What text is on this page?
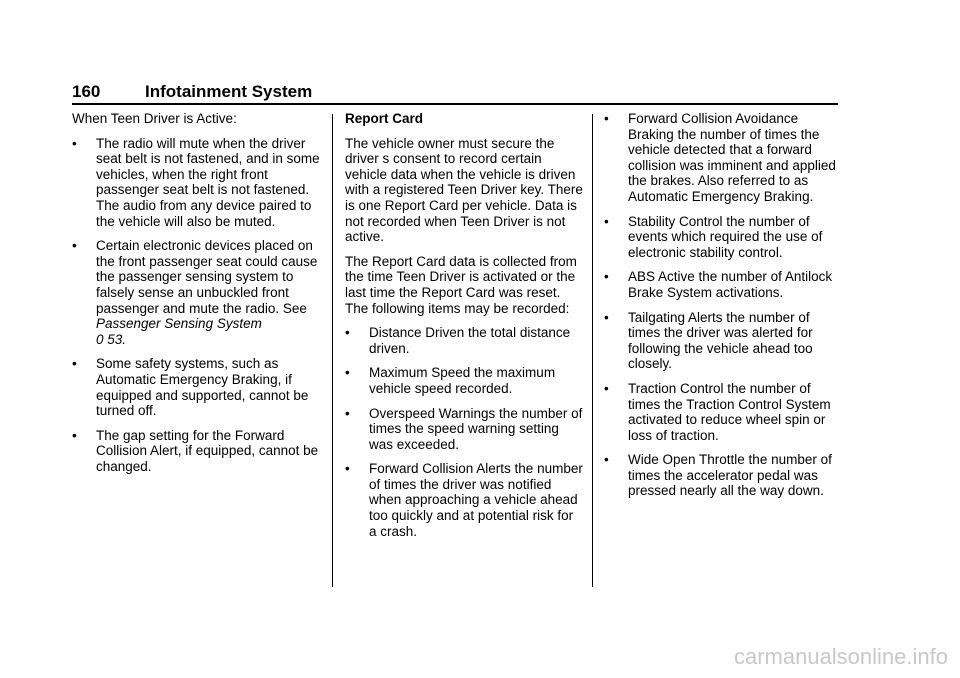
160	Infotainment System

When Teen Driver is Active:

• The radio will mute when the driver seat belt is not fastened, and in some vehicles, when the right front passenger seat belt is not fastened. The audio from any device paired to the vehicle will also be muted.
• Certain electronic devices placed on the front passenger seat could cause the passenger sensing system to falsely sense an unbuckled front passenger and mute the radio. See
Passenger Sensing System
0 53.
• Some safety systems, such as Automatic Emergency Braking, if equipped and supported, cannot be turned off.
• The gap setting for the Forward Collision Alert, if equipped, cannot be changed.

Report Card

The vehicle owner must secure the driver s consent to record certain vehicle data when the vehicle is driven with a registered Teen Driver key. There is one Report Card per vehicle. Data is not recorded when Teen Driver is not active.

The Report Card data is collected from the time Teen Driver is activated or the last time the Report Card was reset. The following items may be recorded:

• Distance Driven the total distance driven.
• Maximum Speed the maximum vehicle speed recorded.
• Overspeed Warnings the number of times the speed warning setting was exceeded.
• Forward Collision Alerts the number of times the driver was notified when approaching a vehicle ahead too quickly and at potential risk for a crash.
• Forward Collision Avoidance Braking the number of times the vehicle detected that a forward collision was imminent and applied the brakes. Also referred to as Automatic Emergency Braking.
• Stability Control the number of events which required the use of electronic stability control.
• ABS Active the number of Antilock Brake System activations.
• Tailgating Alerts the number of times the driver was alerted for following the vehicle ahead too closely.
• Traction Control the number of times the Traction Control System activated to reduce wheel spin or loss of traction.
• Wide Open Throttle the number of times the accelerator pedal was pressed nearly all the way down.
carmanualsonline.info
